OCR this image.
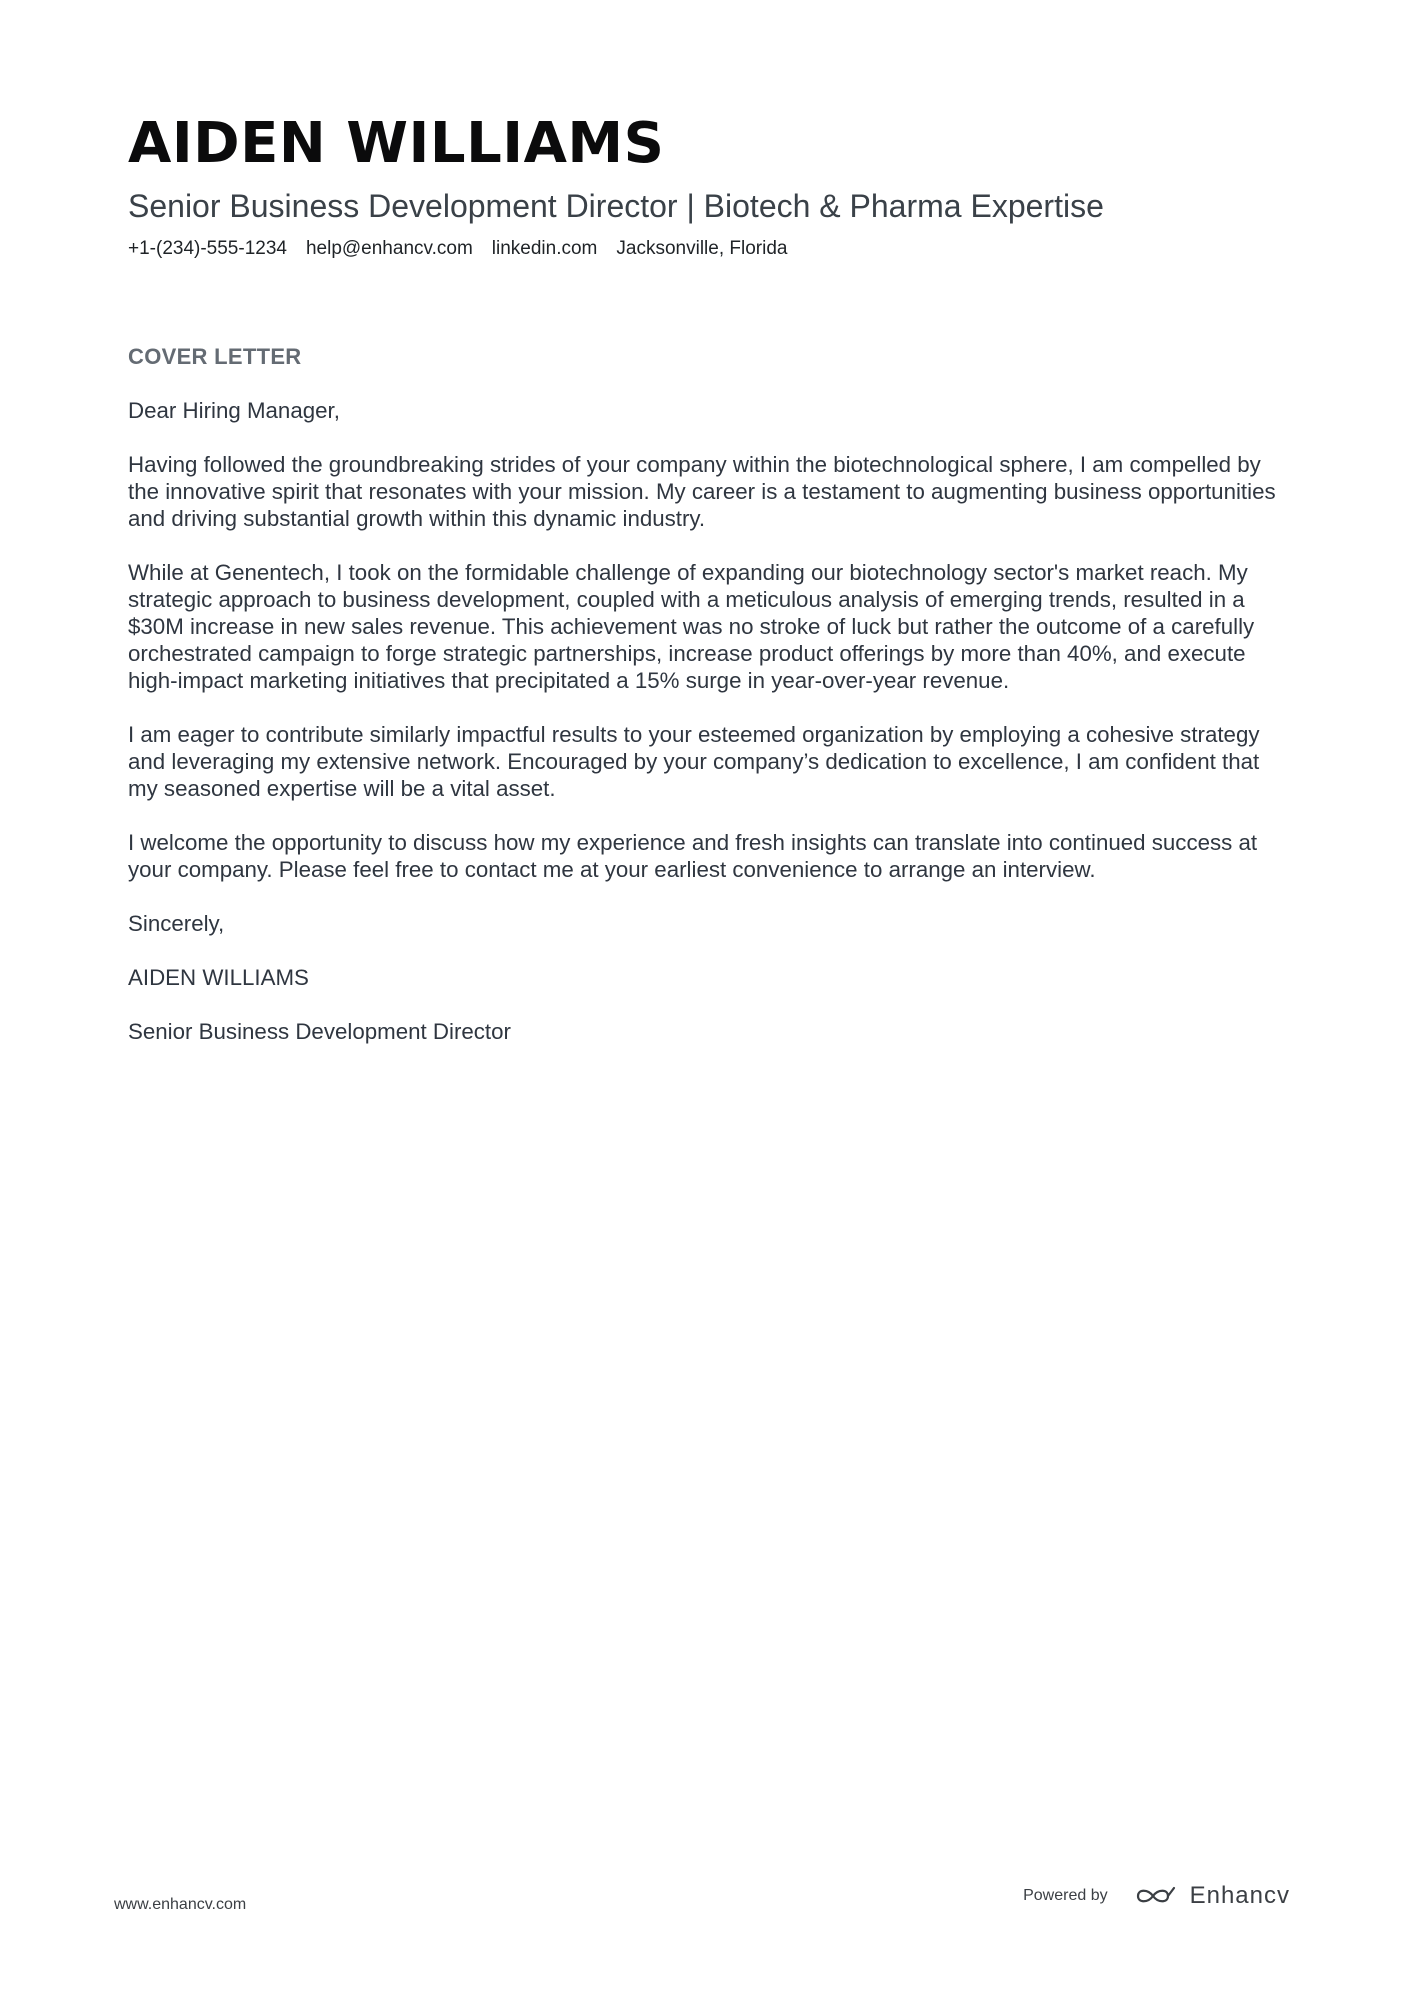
AIDEN WILLIAMS
Senior Business Development Director | Biotech & Pharma Expertise
+1-(234)-555-1234 help@enhancv.com linkedin.com Jacksonville, Florida
COVER LETTER

Dear Hiring Manager,

Having followed the groundbreaking strides of your company within the biotechnological sphere, I am compelled by the innovative spirit that resonates with your mission. My career is a testament to augmenting business opportunities and driving substantial growth within this dynamic industry.

While at Genentech, I took on the formidable challenge of expanding our biotechnology sector's market reach. My strategic approach to business development, coupled with a meticulous analysis of emerging trends, resulted in a $30M increase in new sales revenue. This achievement was no stroke of luck but rather the outcome of a carefully orchestrated campaign to forge strategic partnerships, increase product offerings by more than 40%, and execute high-impact marketing initiatives that precipitated a 15% surge in year-over-year revenue.

I am eager to contribute similarly impactful results to your esteemed organization by employing a cohesive strategy and leveraging my extensive network. Encouraged by your company’s dedication to excellence, I am confident that my seasoned expertise will be a vital asset.

I welcome the opportunity to discuss how my experience and fresh insights can translate into continued success at your company. Please feel free to contact me at your earliest convenience to arrange an interview.

Sincerely,

AIDEN WILLIAMS

Senior Business Development Director

www.enhancv.com
Powered by	Enhancv
